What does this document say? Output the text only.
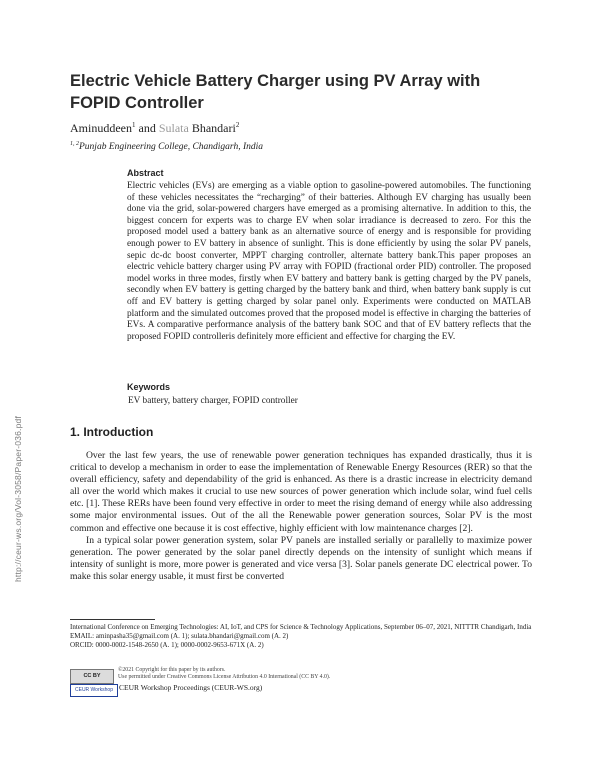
Electric Vehicle Battery Charger using PV Array with FOPID Controller
Aminuddeen$^1$ and Sulata Bhandari$^2$
$^{1, 2}$Punjab Engineering College, Chandigarh, India
Abstract
Electric vehicles (EVs) are emerging as a viable option to gasoline-powered automobiles. The functioning of these vehicles necessitates the “recharging” of their batteries. Although EV charging has usually been done via the grid, solar-powered chargers have emerged as a promising alternative. In addition to this, the biggest concern for experts was to charge EV when solar irradiance is decreased to zero. For this the proposed model used a battery bank as an alternative source of energy and is responsible for providing enough power to EV battery in absence of sunlight. This is done efficiently by using the solar PV panels, sepic dc-dc boost converter, MPPT charging controller, alternate battery bank.This paper proposes an electric vehicle battery charger using PV array with FOPID (fractional order PID) controller. The proposed model works in three modes, firstly when EV battery and battery bank is getting charged by the PV panels, secondly when EV battery is getting charged by the battery bank and third, when battery bank supply is cut off and EV battery is getting charged by solar panel only. Experiments were conducted on MATLAB platform and the simulated outcomes proved that the proposed model is effective in charging the batteries of EVs. A comparative performance analysis of the battery bank SOC and that of EV battery reflects that the proposed FOPID controlleris definitely more efficient and effective for charging the EV.
Keywords
EV battery, battery charger, FOPID controller
1. Introduction

Over the last few years, the use of renewable power generation techniques has expanded drastically, thus it is critical to develop a mechanism in order to ease the implementation of Renewable Energy Resources (RER) so that the overall efficiency, safety and dependability of the grid is enhanced. As there is a drastic increase in electricity demand all over the world which makes it crucial to use new sources of power generation which include solar, wind fuel cells etc. [1]. These RERs have been found very effective in order to meet the rising demand of energy while also addressing some major environmental issues. Out of the all the Renewable power generation sources, Solar PV is the most common and effective one because it is cost effective, highly efficient with low maintenance charges [2].

In a typical solar power generation system, solar PV panels are installed serially or parallelly to maximize power generation. The power generated by the solar panel directly depends on the intensity of sunlight which means if intensity of sunlight is more, more power is generated and vice versa [3]. Solar panels generate DC electrical power. To make this solar energy usable, it must first be converted

International Conference on Emerging Technologies: AI, IoT, and CPS for Science & Technology Applications, September 06–07, 2021, NITTTR Chandigarh, India
EMAIL: aminpasha35@gmail.com (A. 1); sulata.bhandari@gmail.com (A. 2)
ORCID: 0000-0002-1548-2650 (A. 1); 0000-0002-9653-671X (A. 2)
CC BY
©2021 Copyright for this paper by its authors.
Use permitted under Creative Commons License Attribution 4.0 International (CC BY 4.0).
CEUR Workshop CEUR Workshop Proceedings (CEUR-WS.org)
http://ceur-ws.org/Vol-3058/Paper-036.pdf
